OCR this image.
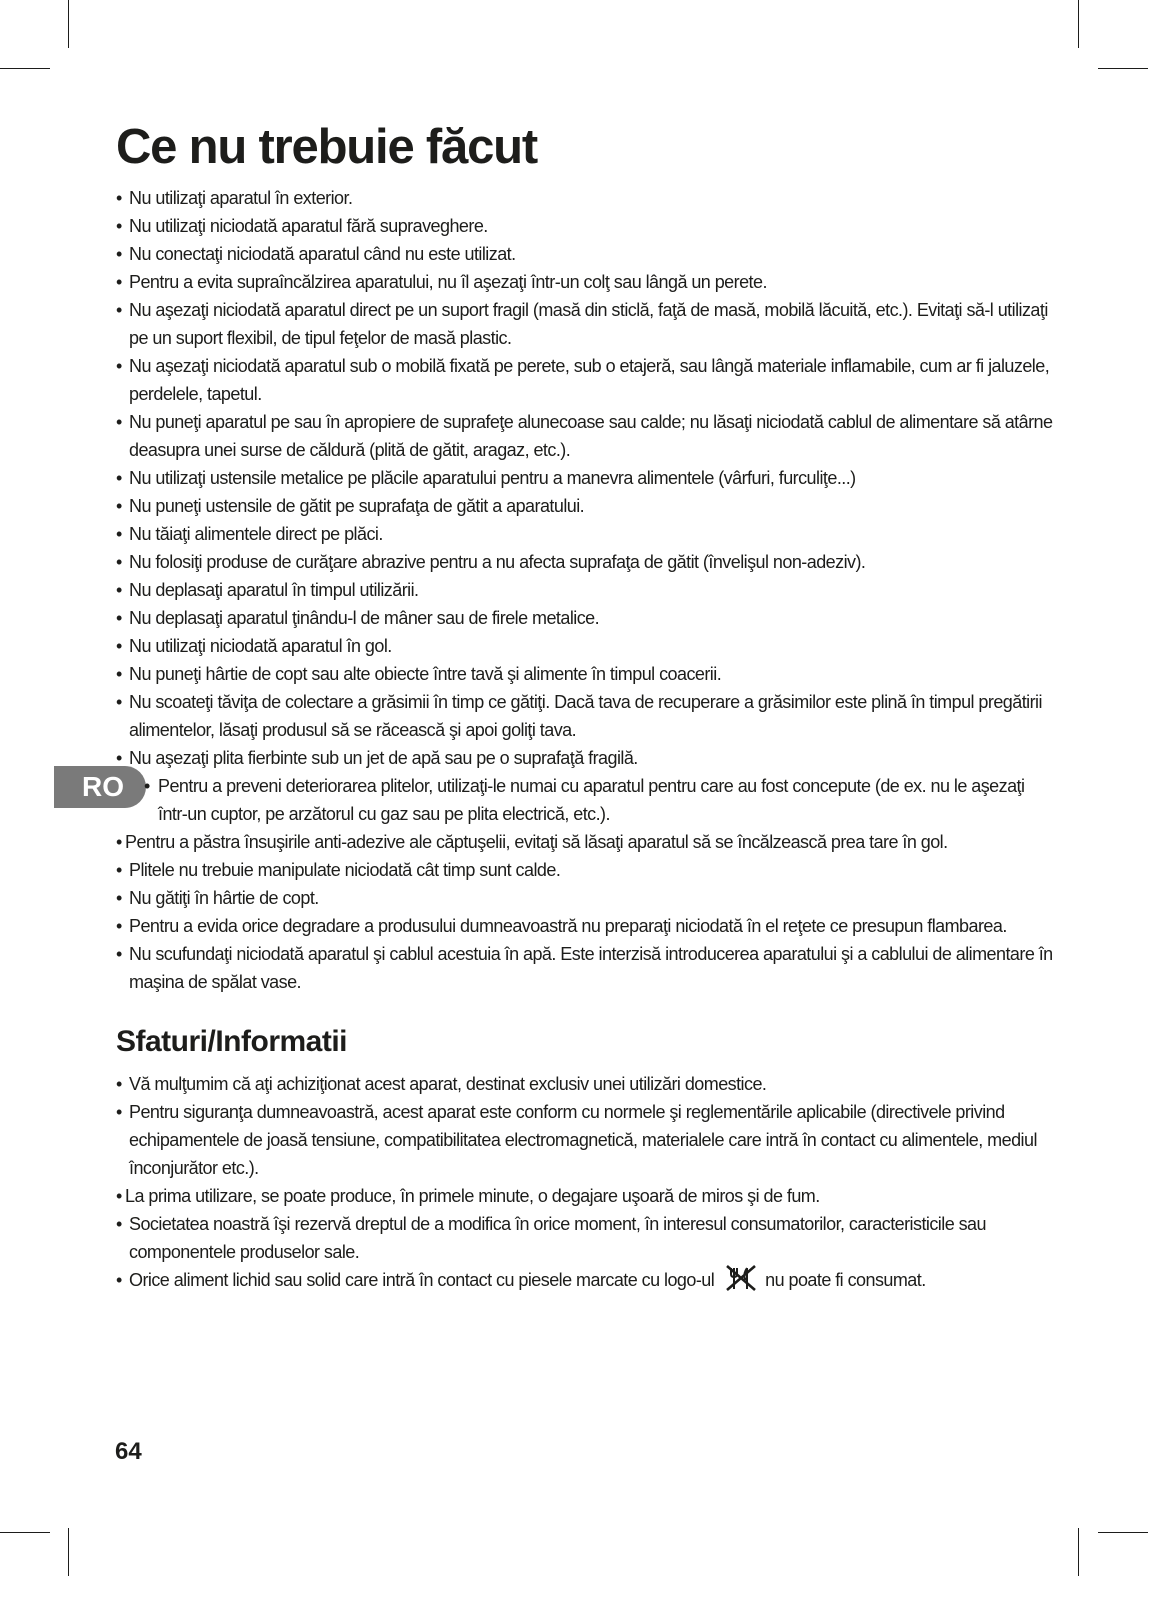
RO
Ce nu trebuie făcut
• Nu utilizaţi aparatul în exterior.
• Nu utilizaţi niciodată aparatul fără supraveghere.
• Nu conectaţi niciodată aparatul când nu este utilizat.
• Pentru a evita supraîncălzirea aparatului, nu îl aşezaţi într-un colţ sau lângă un perete.
• Nu aşezaţi niciodată aparatul direct pe un suport fragil (masă din sticlă, faţă de masă, mobilă lăcuită, etc.). Evitaţi să-l utilizaţi pe un suport flexibil, de tipul feţelor de masă plastic.
• Nu aşezaţi niciodată aparatul sub o mobilă fixată pe perete, sub o etajeră, sau lângă materiale inflamabile, cum ar fi jaluzele, perdelele, tapetul.
• Nu puneţi aparatul pe sau în apropiere de suprafeţe alunecoase sau calde; nu lăsaţi niciodată cablul de alimentare să atârne deasupra unei surse de căldură (plită de gătit, aragaz, etc.).
• Nu utilizaţi ustensile metalice pe plăcile aparatului pentru a manevra alimentele (vârfuri, furculiţe...)
• Nu puneţi ustensile de gătit pe suprafaţa de gătit a aparatului.
• Nu tăiaţi alimentele direct pe plăci.
• Nu folosiţi produse de curăţare abrazive pentru a nu afecta suprafaţa de gătit (învelişul non-adeziv).
• Nu deplasaţi aparatul în timpul utilizării.
• Nu deplasaţi aparatul ţinându-l de mâner sau de firele metalice.
• Nu utilizaţi niciodată aparatul în gol.
• Nu puneţi hârtie de copt sau alte obiecte între tavă şi alimente în timpul coacerii.
• Nu scoateţi tăviţa de colectare a grăsimii în timp ce gătiţi. Dacă tava de recuperare a grăsimilor este plină în timpul pregătirii alimentelor, lăsaţi produsul să se răcească şi apoi goliţi tava.
• Nu aşezaţi plita fierbinte sub un jet de apă sau pe o suprafaţă fragilă.
• Pentru a preveni deteriorarea plitelor, utilizaţi-le numai cu aparatul pentru care au fost concepute (de ex. nu le aşezaţi într-un cuptor, pe arzătorul cu gaz sau pe plita electrică, etc.).
• Pentru a păstra însuşirile anti-adezive ale căptuşelii, evitaţi să lăsaţi aparatul să se încălzească prea tare în gol.
• Plitele nu trebuie manipulate niciodată cât timp sunt calde.
• Nu gătiţi în hârtie de copt.
• Pentru a evida orice degradare a produsului dumneavoastră nu preparaţi niciodată în el reţete ce presupun flambarea.
• Nu scufundaţi niciodată aparatul şi cablul acestuia în apă. Este interzisă introducerea aparatului şi a cablului de alimentare în maşina de spălat vase.
Sfaturi/Informatii
• Vă mulţumim că aţi achiziţionat acest aparat, destinat exclusiv unei utilizări domestice.
• Pentru siguranţa dumneavoastră, acest aparat este conform cu normele şi reglementările aplicabile (directivele privind echipamentele de joasă tensiune, compatibilitatea electromagnetică, materialele care intră în contact cu alimentele, mediul înconjurător etc.).
• La prima utilizare, se poate produce, în primele minute, o degajare uşoară de miros şi de fum.
• Societatea noastră îşi rezervă dreptul de a modifica în orice moment, în interesul consumatorilor, caracteristicile sau componentele produselor sale.
• Orice aliment lichid sau solid care intră în contact cu piesele marcate cu logo-ul	nu poate fi consumat.
64
